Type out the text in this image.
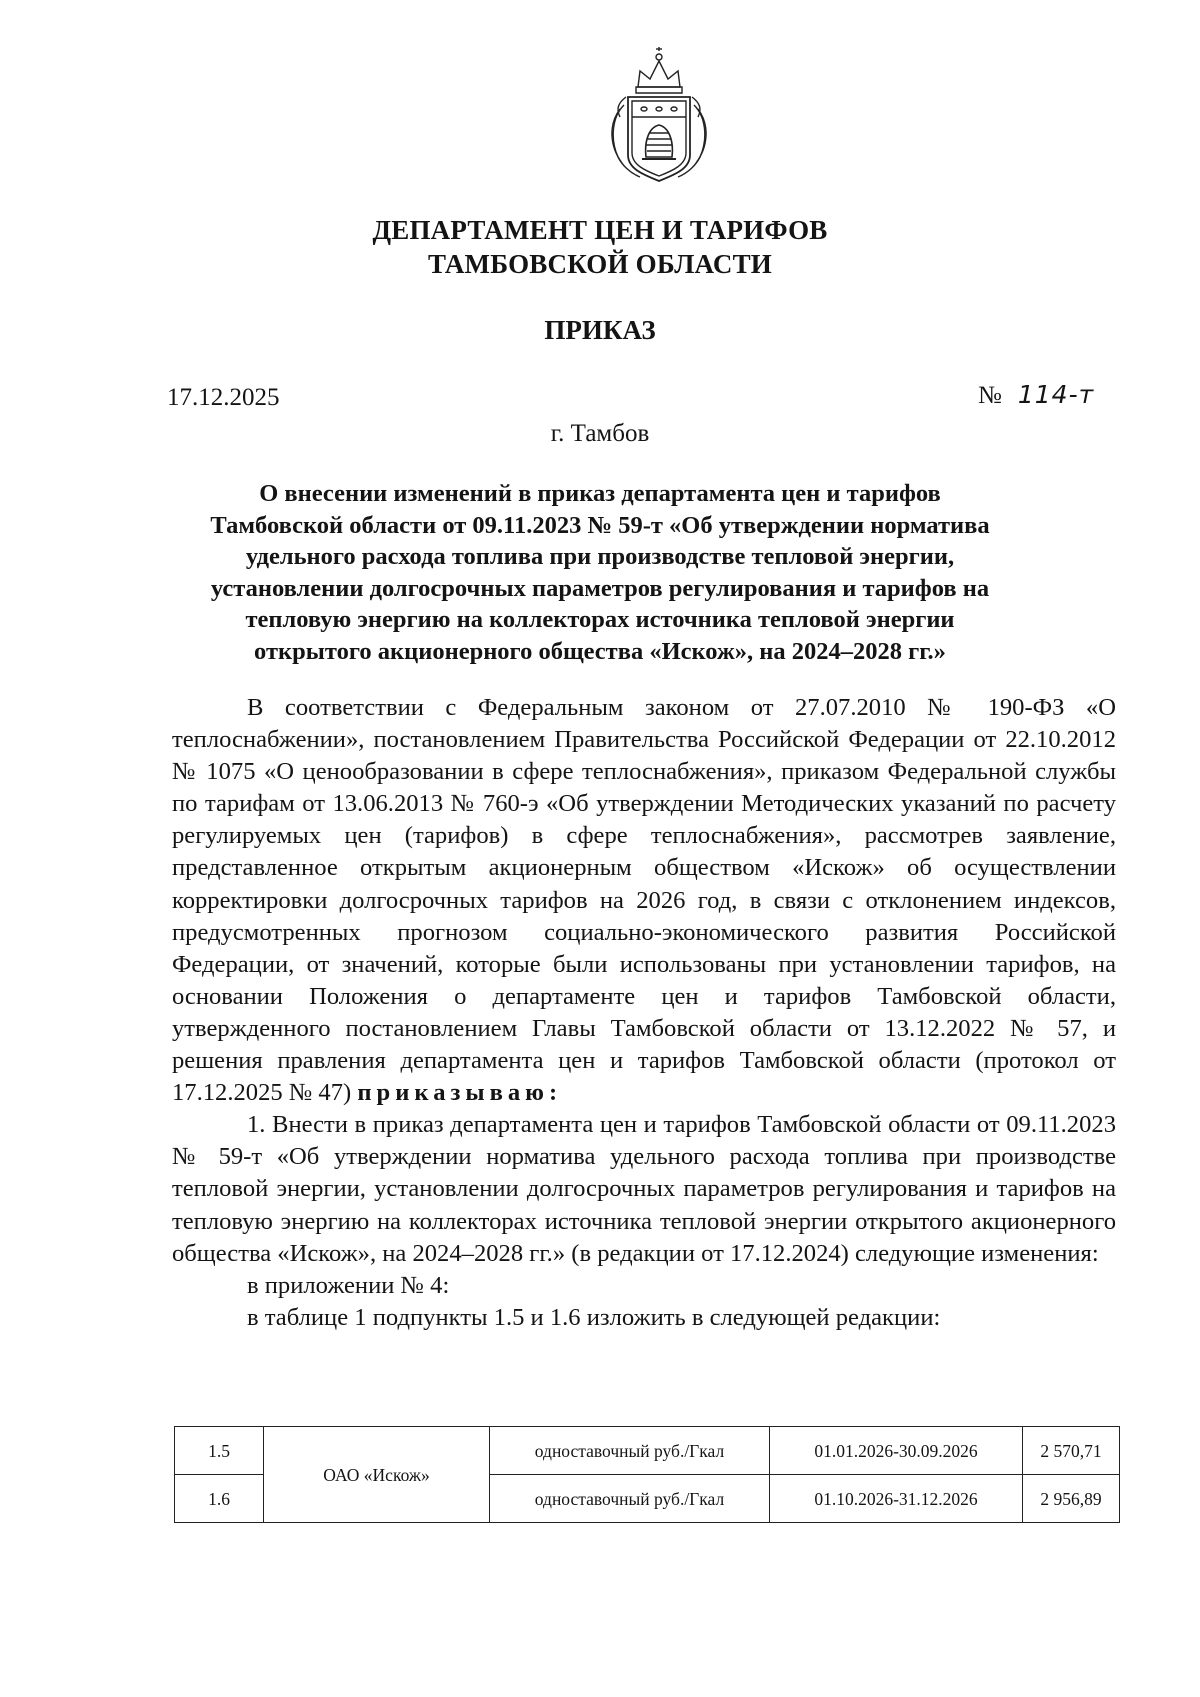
ДЕПАРТАМЕНТ ЦЕН И ТАРИФОВ
ТАМБОВСКОЙ ОБЛАСТИ
ПРИКАЗ
17.12.2025	№ 114-т
г. Тамбов
О внесении изменений в приказ департамента цен и тарифов
Тамбовской области от 09.11.2023 № 59-т «Об утверждении норматива
удельного расхода топлива при производстве тепловой энергии,
установлении долгосрочных параметров регулирования и тарифов на
тепловую энергию на коллекторах источника тепловой энергии
открытого акционерного общества «Искож», на 2024–2028 гг.»

В соответствии с Федеральным законом от 27.07.2010 № 190-ФЗ «О теплоснабжении», постановлением Правительства Российской Федерации от 22.10.2012 № 1075 «О ценообразовании в сфере теплоснабжения», приказом Федеральной службы по тарифам от 13.06.2013 № 760-э «Об утверждении Методических указаний по расчету регулируемых цен (тарифов) в сфере теплоснабжения», рассмотрев заявление, представленное открытым акционерным обществом «Искож» об осуществлении корректировки долгосрочных тарифов на 2026 год, в связи с отклонением индексов, предусмотренных прогнозом социально-экономического развития Российской Федерации, от значений, которые были использованы при установлении тарифов, на основании Положения о департаменте цен и тарифов Тамбовской области, утвержденного постановлением Главы Тамбовской области от 13.12.2022 № 57, и решения правления департамента цен и тарифов Тамбовской области (протокол от 17.12.2025 № 47) приказываю:

1. Внести в приказ департамента цен и тарифов Тамбовской области от 09.11.2023 № 59-т «Об утверждении норматива удельного расхода топлива при производстве тепловой энергии, установлении долгосрочных параметров регулирования и тарифов на тепловую энергию на коллекторах источника тепловой энергии открытого акционерного общества «Искож», на 2024–2028 гг.» (в редакции от 17.12.2024) следующие изменения:

в приложении № 4:

в таблице 1 подпункты 1.5 и 1.6 изложить в следующей редакции:

1.5	ОАО «Искож»	одноставочный руб./Гкал	01.01.2026-30.09.2026	2 570,71
1.6		одноставочный руб./Гкал	01.10.2026-31.12.2026	2 956,89
